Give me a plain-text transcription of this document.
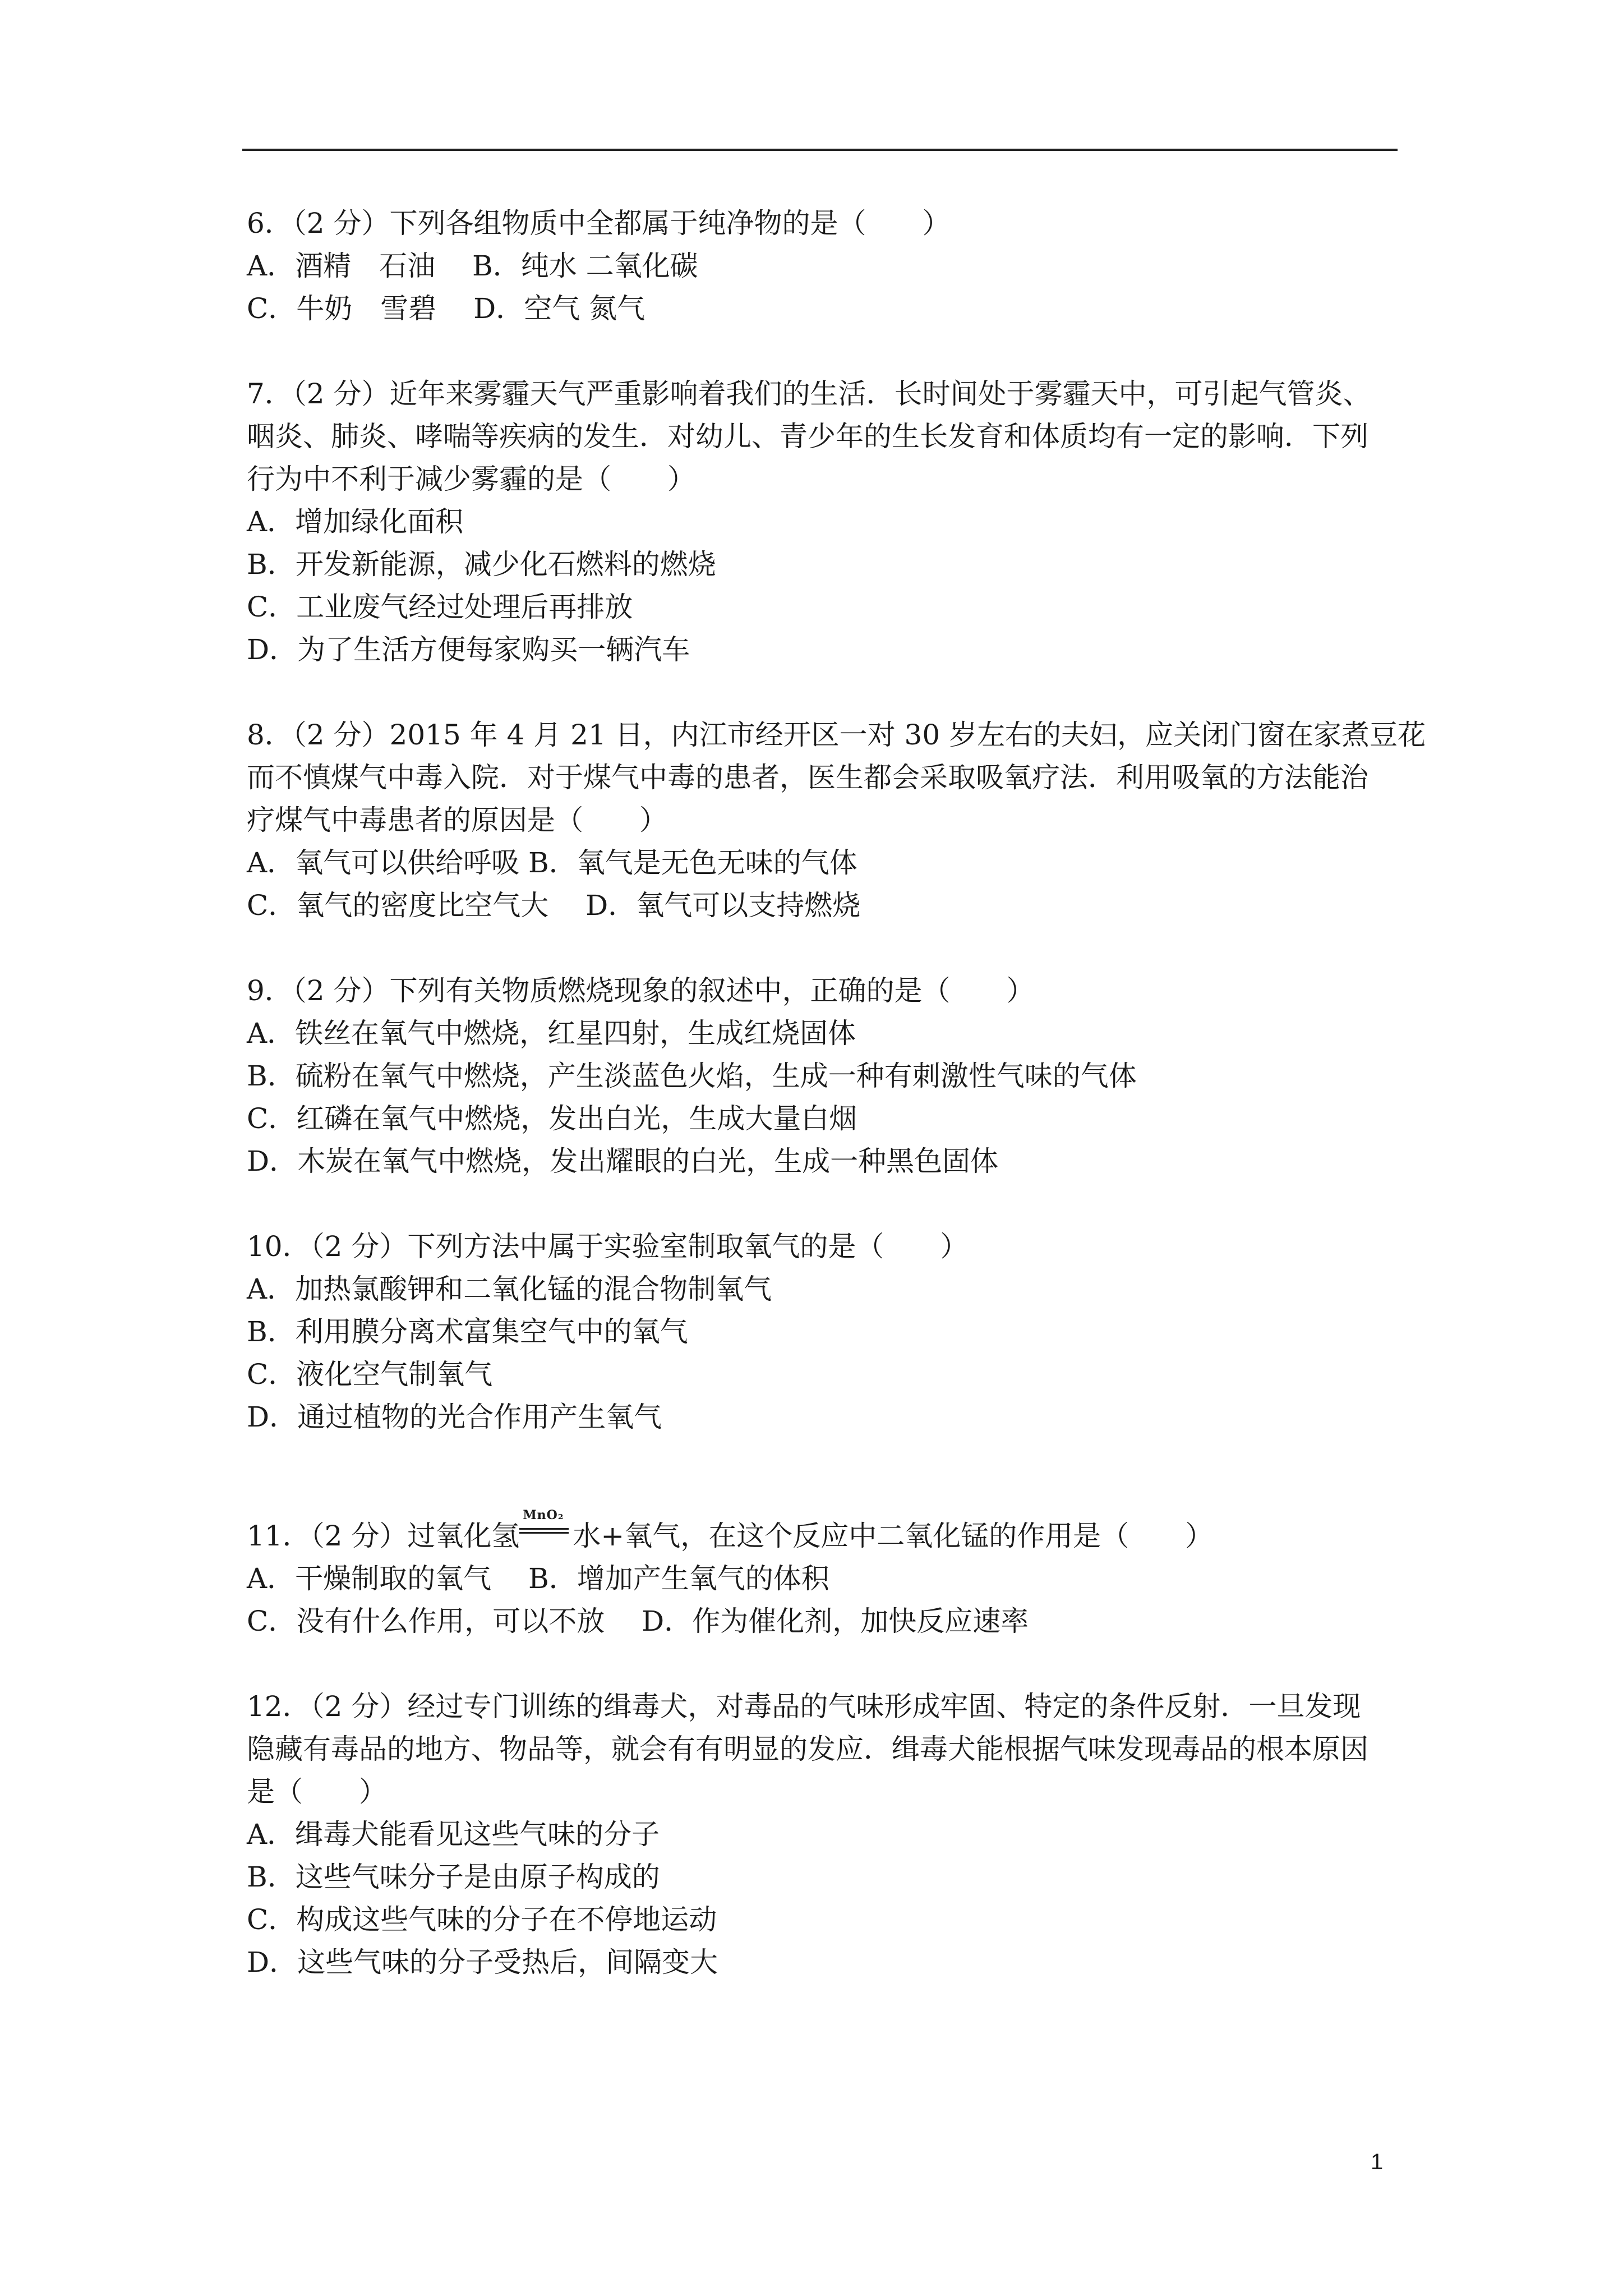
6．（2 分）下列各组物质中全都属于纯净物的是（　　）
A．酒精　石油　 B．纯水 二氧化碳
C．牛奶　雪碧　 D．空气 氮气
7．（2 分）近年来雾霾天气严重影响着我们的生活．长时间处于雾霾天中，可引起气管炎、
咽炎、肺炎、哮喘等疾病的发生．对幼儿、青少年的生长发育和体质均有一定的影响．下列
行为中不利于减少雾霾的是（　　）
A．增加绿化面积
B．开发新能源，减少化石燃料的燃烧
C．工业废气经过处理后再排放
D．为了生活方便每家购买一辆汽车
8．（2 分）2015 年 4 月 21 日，内江市经开区一对 30 岁左右的夫妇，应关闭门窗在家煮豆花
而不慎煤气中毒入院．对于煤气中毒的患者，医生都会采取吸氧疗法．利用吸氧的方法能治
疗煤气中毒患者的原因是（　　）
A．氧气可以供给呼吸 B．氧气是无色无味的气体
C．氧气的密度比空气大　 D．氧气可以支持燃烧
9．（2 分）下列有关物质燃烧现象的叙述中，正确的是（　　）
A．铁丝在氧气中燃烧，红星四射，生成红烧固体
B．硫粉在氧气中燃烧，产生淡蓝色火焰，生成一种有刺激性气味的气体
C．红磷在氧气中燃烧，发出白光，生成大量白烟
D．木炭在氧气中燃烧，发出耀眼的白光，生成一种黑色固体
10．（2 分）下列方法中属于实验室制取氧气的是（　　）
A．加热氯酸钾和二氧化锰的混合物制氧气
B．利用膜分离术富集空气中的氧气
C．液化空气制氧气
D．通过植物的光合作用产生氧气
11．（2 分）过氧化氢
MnO₂
水+氧气，在这个反应中二氧化锰的作用是（　　）
A．干燥制取的氧气　 B．增加产生氧气的体积
C．没有什么作用，可以不放　 D．作为催化剂，加快反应速率
12．（2 分）经过专门训练的缉毒犬，对毒品的气味形成牢固、特定的条件反射．一旦发现
隐藏有毒品的地方、物品等，就会有有明显的发应．缉毒犬能根据气味发现毒品的根本原因
是（　　）
A．缉毒犬能看见这些气味的分子
B．这些气味分子是由原子构成的
C．构成这些气味的分子在不停地运动
D．这些气味的分子受热后，间隔变大
1
